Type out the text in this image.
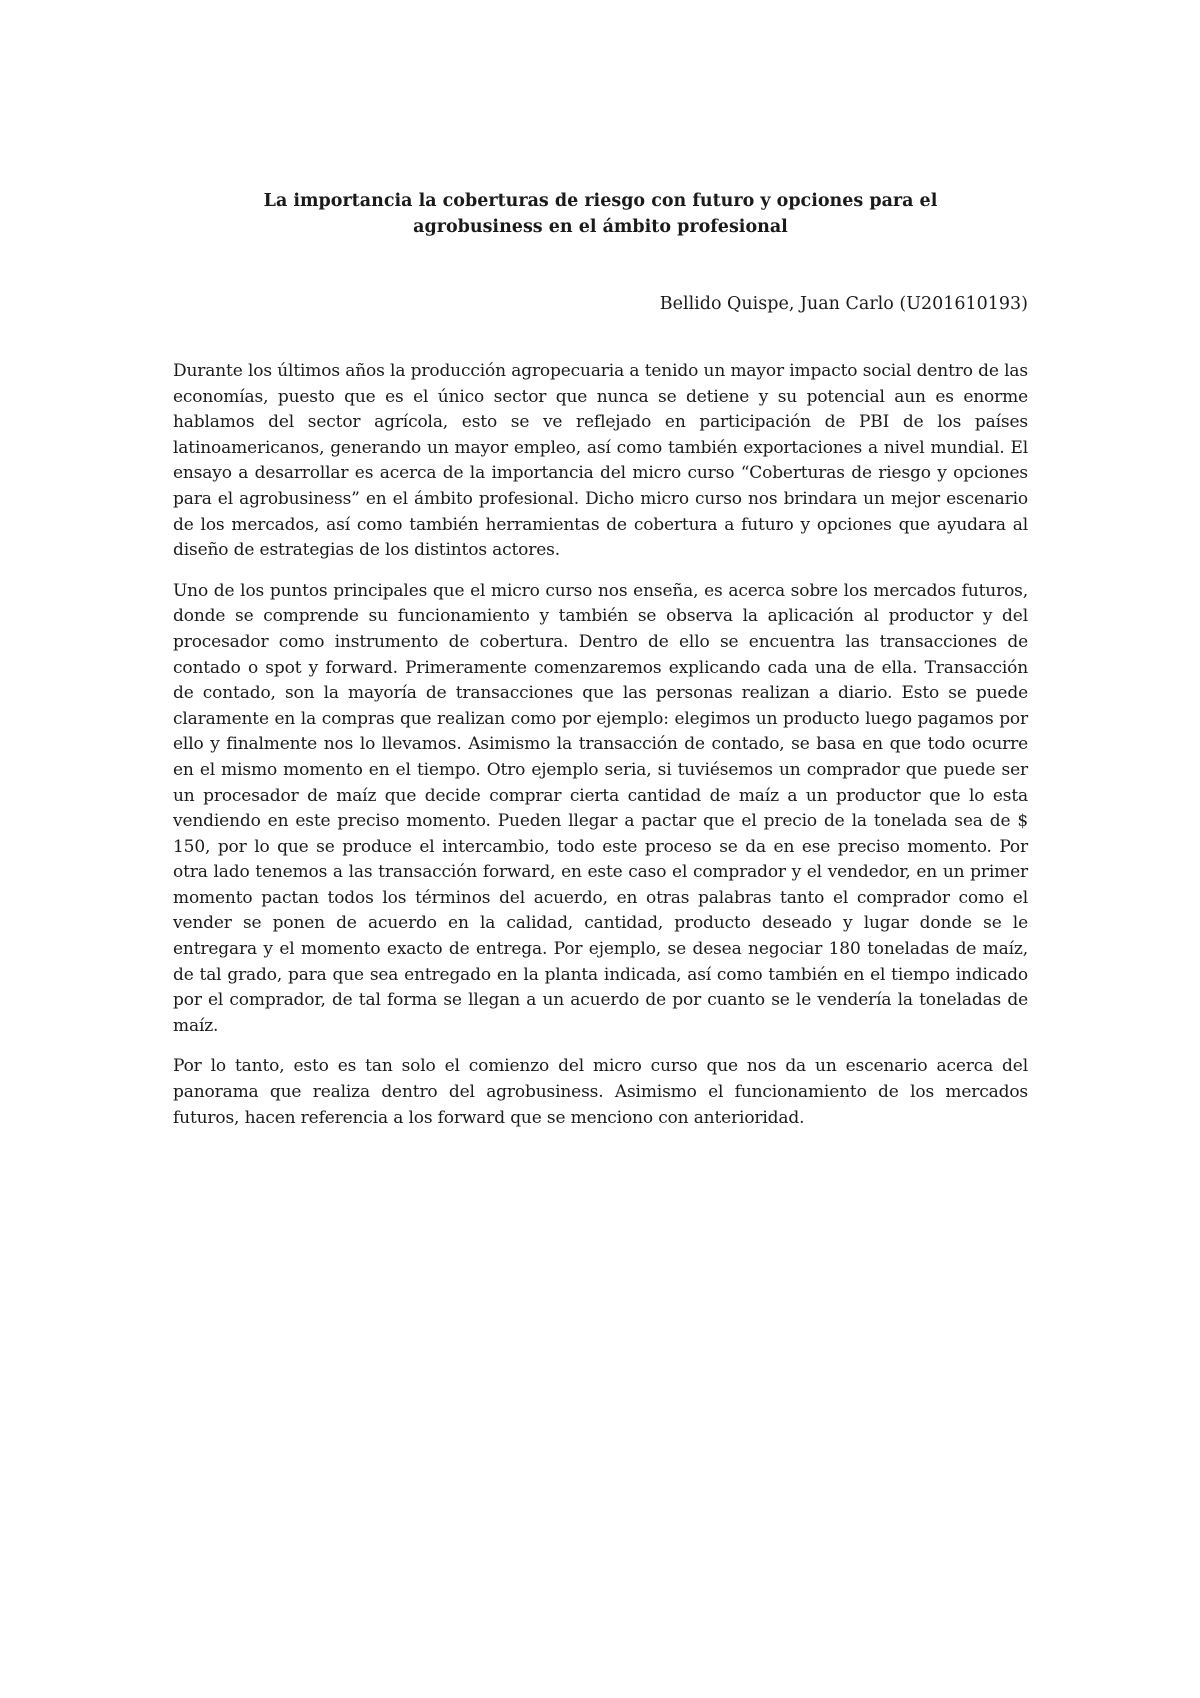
La importancia la coberturas de riesgo con futuro y opciones para el
agrobusiness en el ámbito profesional
Bellido Quispe, Juan Carlo (U201610193)

Durante los últimos años la producción agropecuaria a tenido un mayor impacto social dentro de las economías, puesto que es el único sector que nunca se detiene y su potencial aun es enorme hablamos del sector agrícola, esto se ve reflejado en participación de PBI de los países latinoamericanos, generando un mayor empleo, así como también exportaciones a nivel mundial. El ensayo a desarrollar es acerca de la importancia del micro curso “Coberturas de riesgo y opciones para el agrobusiness” en el ámbito profesional. Dicho micro curso nos brindara un mejor escenario de los mercados, así como también herramientas de cobertura a futuro y opciones que ayudara al diseño de estrategias de los distintos actores.

Uno de los puntos principales que el micro curso nos enseña, es acerca sobre los mercados futuros, donde se comprende su funcionamiento y también se observa la aplicación al productor y del procesador como instrumento de cobertura. Dentro de ello se encuentra las transacciones de contado o spot y forward. Primeramente comenzaremos explicando cada una de ella. Transacción de contado, son la mayoría de transacciones que las personas realizan a diario. Esto se puede claramente en la compras que realizan como por ejemplo: elegimos un producto luego pagamos por ello y finalmente nos lo llevamos. Asimismo la transacción de contado, se basa en que todo ocurre en el mismo momento en el tiempo. Otro ejemplo seria, si tuviésemos un comprador que puede ser un procesador de maíz que decide comprar cierta cantidad de maíz a un productor que lo esta vendiendo en este preciso momento. Pueden llegar a pactar que el precio de la tonelada sea de $ 150, por lo que se produce el intercambio, todo este proceso se da en ese preciso momento. Por otra lado tenemos a las transacción forward, en este caso el comprador y el vendedor, en un primer momento pactan todos los términos del acuerdo, en otras palabras tanto el comprador como el vender se ponen de acuerdo en la calidad, cantidad, producto deseado y lugar donde se le entregara y el momento exacto de entrega. Por ejemplo, se desea negociar 180 toneladas de maíz, de tal grado, para que sea entregado en la planta indicada, así como también en el tiempo indicado por el comprador, de tal forma se llegan a un acuerdo de por cuanto se le vendería la toneladas de maíz.

Por lo tanto, esto es tan solo el comienzo del micro curso que nos da un escenario acerca del panorama que realiza dentro del agrobusiness. Asimismo el funcionamiento de los mercados futuros, hacen referencia a los forward que se menciono con anterioridad.
